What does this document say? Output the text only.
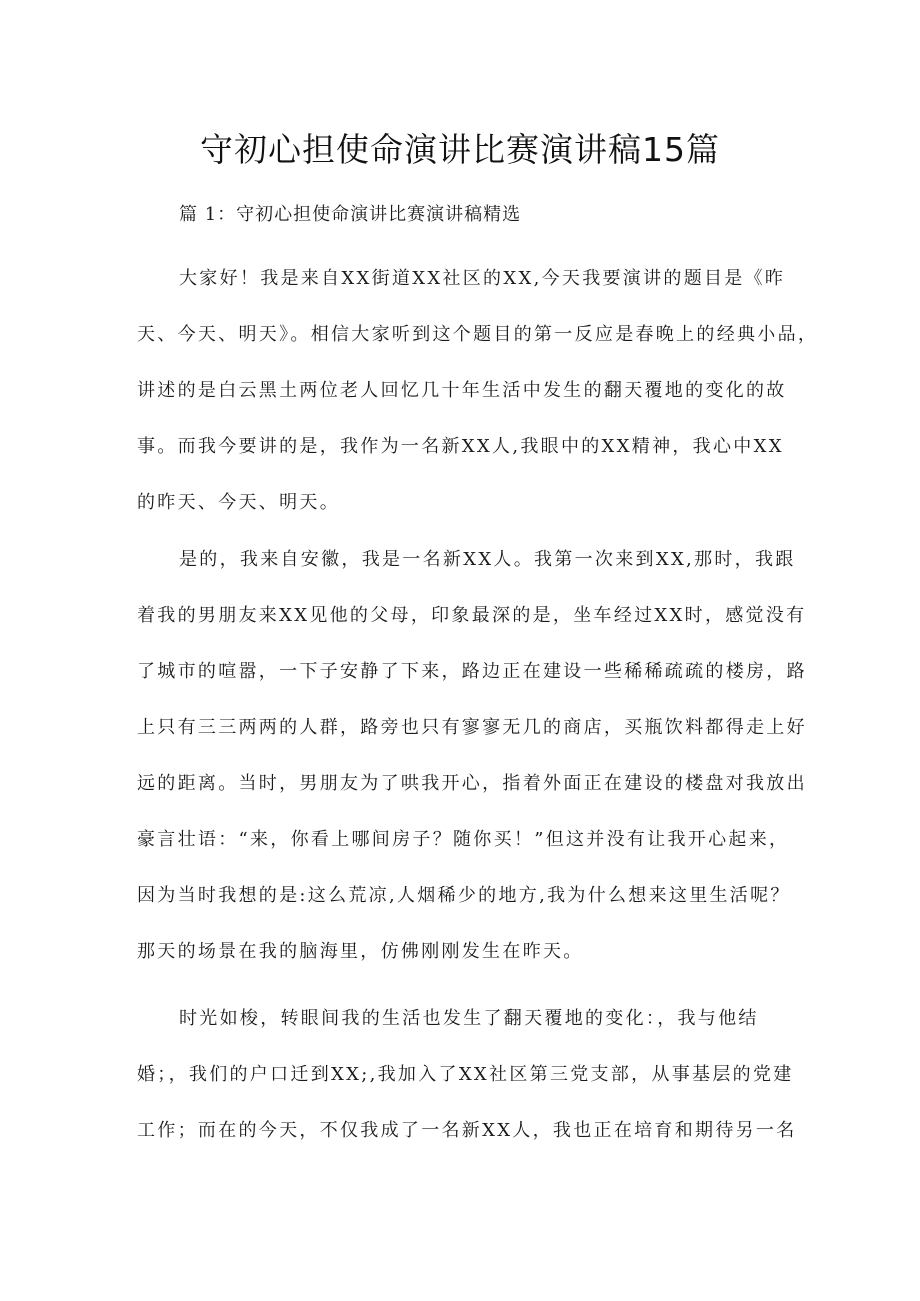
守初心担使命演讲比赛演讲稿15篇
篇 1：守初心担使命演讲比赛演讲稿精选
大家好！我是来自XX街道XX社区的XX,今天我要演讲的题目是《昨
天、今天、明天》。相信大家听到这个题目的第一反应是春晚上的经典小品，
讲述的是白云黑土两位老人回忆几十年生活中发生的翻天覆地的变化的故
事。而我今要讲的是，我作为一名新XX人,我眼中的XX精神，我心中XX
的昨天、今天、明天。
是的，我来自安徽，我是一名新XX人。我第一次来到XX,那时，我跟
着我的男朋友来XX见他的父母，印象最深的是，坐车经过XX时，感觉没有
了城市的喧嚣，一下子安静了下来，路边正在建设一些稀稀疏疏的楼房，路
上只有三三两两的人群，路旁也只有寥寥无几的商店，买瓶饮料都得走上好
远的距离。当时，男朋友为了哄我开心，指着外面正在建设的楼盘对我放出
豪言壮语：“来，你看上哪间房子？随你买！”但这并没有让我开心起来，
因为当时我想的是:这么荒凉,人烟稀少的地方,我为什么想来这里生活呢？
那天的场景在我的脑海里，仿佛刚刚发生在昨天。
时光如梭，转眼间我的生活也发生了翻天覆地的变化：，我与他结
婚；，我们的户口迁到XX;,我加入了XX社区第三党支部，从事基层的党建
工作；而在的今天，不仅我成了一名新XX人，我也正在培育和期待另一名
